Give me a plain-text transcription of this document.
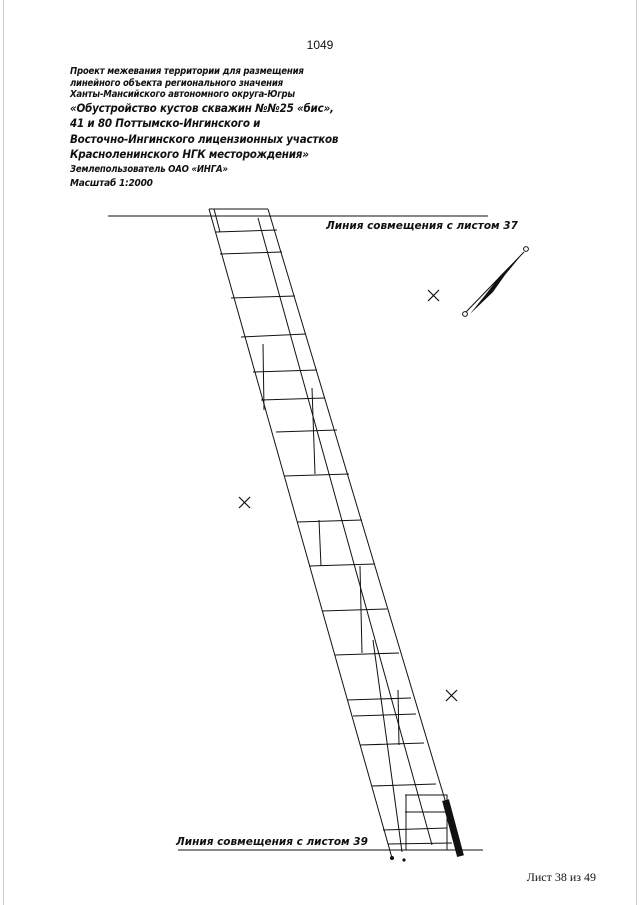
1049
Проект межевания территории для размещения
линейного объекта регионального значения
Ханты-Мансийского автономного округа-Югры
«Обустройство кустов скважин №№25 «бис»,
41 и 80 Поттымско-Ингинского и
Восточно-Ингинского лицензионных участков
Красноленинского НГК месторождения»
Землепользователь ОАО «ИНГА»
Масштаб 1:2000
Линия совмещения с листом 37
Линия совмещения с листом 39
Лист 38 из 49
